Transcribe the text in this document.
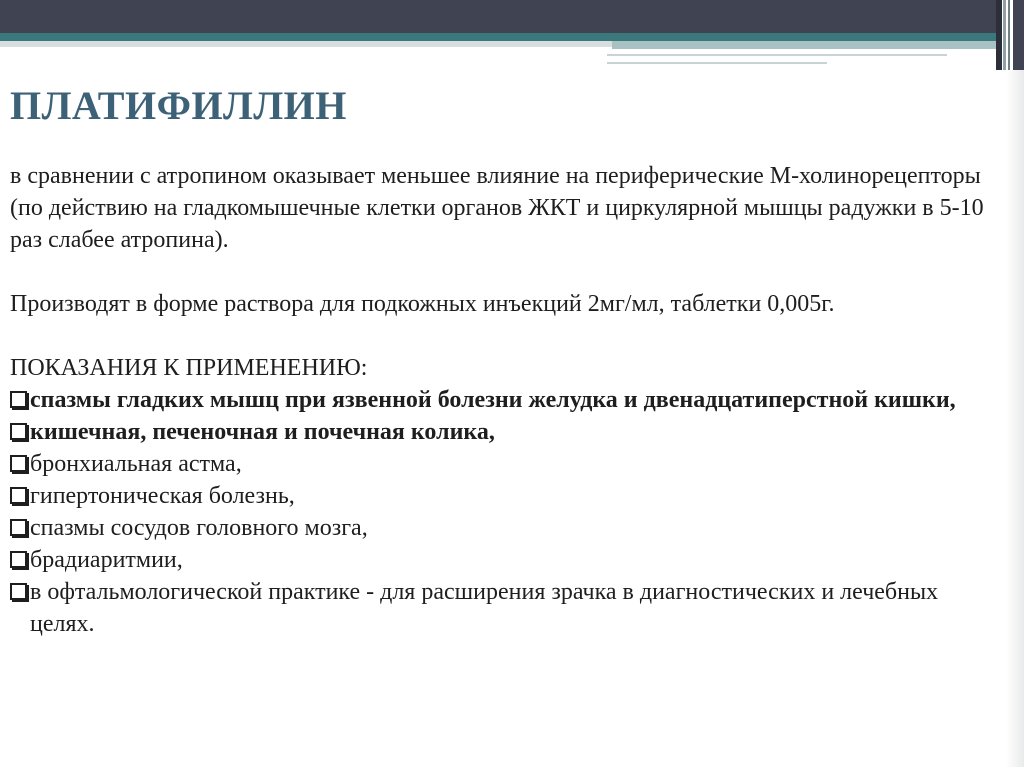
ПЛАТИФИЛЛИН

в сравнении с атропином оказывает меньшее влияние на периферические М-холинорецепторы (по действию на гладкомышечные клетки органов ЖКТ и циркулярной мышцы радужки в 5-10 раз слабее атропина).

Производят в форме раствора для подкожных инъекций 2мг/мл, таблетки 0,005г.

ПОКАЗАНИЯ К ПРИМЕНЕНИЮ:

спазмы гладких мышц при язвенной болезни желудка и двенадцатиперстной кишки,
кишечная, печеночная и почечная колика,
бронхиальная астма,
гипертоническая болезнь,
спазмы сосудов головного мозга,
брадиаритмии,
в офтальмологической практике - для расширения зрачка в диагностических и лечебных целях.
